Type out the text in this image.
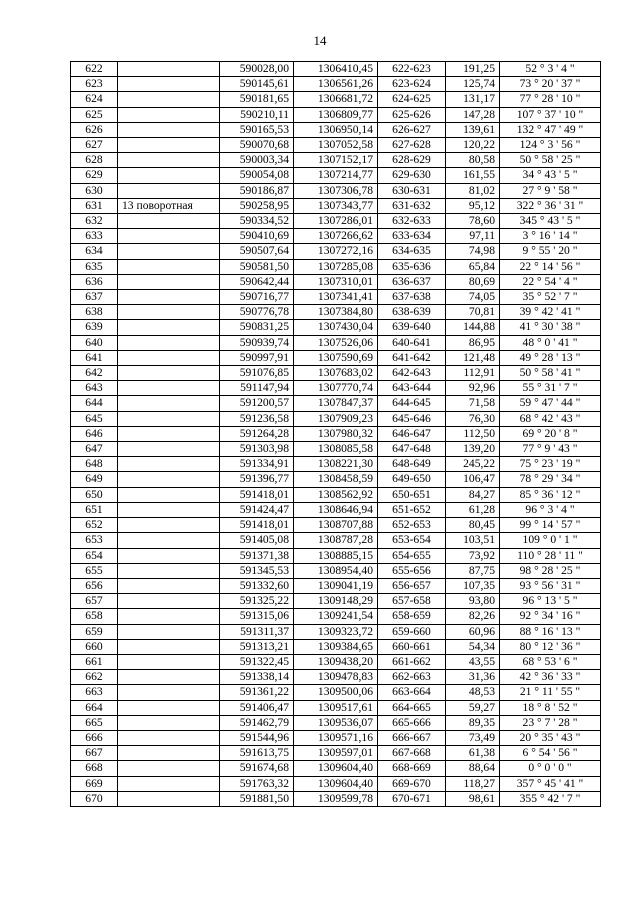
14
622		590028,00	1306410,45	622-623	191,25	52 ° 3 ' 4 "
623		590145,61	1306561,26	623-624	125,74	73 ° 20 ' 37 "
624		590181,65	1306681,72	624-625	131,17	77 ° 28 ' 10 "
625		590210,11	1306809,77	625-626	147,28	107 ° 37 ' 10 "
626		590165,53	1306950,14	626-627	139,61	132 ° 47 ' 49 "
627		590070,68	1307052,58	627-628	120,22	124 ° 3 ' 56 "
628		590003,34	1307152,17	628-629	80,58	50 ° 58 ' 25 "
629		590054,08	1307214,77	629-630	161,55	34 ° 43 ' 5 "
630		590186,87	1307306,78	630-631	81,02	27 ° 9 ' 58 "
631	13 поворотная	590258,95	1307343,77	631-632	95,12	322 ° 36 ' 31 "
632		590334,52	1307286,01	632-633	78,60	345 ° 43 ' 5 "
633		590410,69	1307266,62	633-634	97,11	3 ° 16 ' 14 "
634		590507,64	1307272,16	634-635	74,98	9 ° 55 ' 20 "
635		590581,50	1307285,08	635-636	65,84	22 ° 14 ' 56 "
636		590642,44	1307310,01	636-637	80,69	22 ° 54 ' 4 "
637		590716,77	1307341,41	637-638	74,05	35 ° 52 ' 7 "
638		590776,78	1307384,80	638-639	70,81	39 ° 42 ' 41 "
639		590831,25	1307430,04	639-640	144,88	41 ° 30 ' 38 "
640		590939,74	1307526,06	640-641	86,95	48 ° 0 ' 41 "
641		590997,91	1307590,69	641-642	121,48	49 ° 28 ' 13 "
642		591076,85	1307683,02	642-643	112,91	50 ° 58 ' 41 "
643		591147,94	1307770,74	643-644	92,96	55 ° 31 ' 7 "
644		591200,57	1307847,37	644-645	71,58	59 ° 47 ' 44 "
645		591236,58	1307909,23	645-646	76,30	68 ° 42 ' 43 "
646		591264,28	1307980,32	646-647	112,50	69 ° 20 ' 8 "
647		591303,98	1308085,58	647-648	139,20	77 ° 9 ' 43 "
648		591334,91	1308221,30	648-649	245,22	75 ° 23 ' 19 "
649		591396,77	1308458,59	649-650	106,47	78 ° 29 ' 34 "
650		591418,01	1308562,92	650-651	84,27	85 ° 36 ' 12 "
651		591424,47	1308646,94	651-652	61,28	96 ° 3 ' 4 "
652		591418,01	1308707,88	652-653	80,45	99 ° 14 ' 57 "
653		591405,08	1308787,28	653-654	103,51	109 ° 0 ' 1 "
654		591371,38	1308885,15	654-655	73,92	110 ° 28 ' 11 "
655		591345,53	1308954,40	655-656	87,75	98 ° 28 ' 25 "
656		591332,60	1309041,19	656-657	107,35	93 ° 56 ' 31 "
657		591325,22	1309148,29	657-658	93,80	96 ° 13 ' 5 "
658		591315,06	1309241,54	658-659	82,26	92 ° 34 ' 16 "
659		591311,37	1309323,72	659-660	60,96	88 ° 16 ' 13 "
660		591313,21	1309384,65	660-661	54,34	80 ° 12 ' 36 "
661		591322,45	1309438,20	661-662	43,55	68 ° 53 ' 6 "
662		591338,14	1309478,83	662-663	31,36	42 ° 36 ' 33 "
663		591361,22	1309500,06	663-664	48,53	21 ° 11 ' 55 "
664		591406,47	1309517,61	664-665	59,27	18 ° 8 ' 52 "
665		591462,79	1309536,07	665-666	89,35	23 ° 7 ' 28 "
666		591544,96	1309571,16	666-667	73,49	20 ° 35 ' 43 "
667		591613,75	1309597,01	667-668	61,38	6 ° 54 ' 56 "
668		591674,68	1309604,40	668-669	88,64	0 ° 0 ' 0 "
669		591763,32	1309604,40	669-670	118,27	357 ° 45 ' 41 "
670		591881,50	1309599,78	670-671	98,61	355 ° 42 ' 7 "
